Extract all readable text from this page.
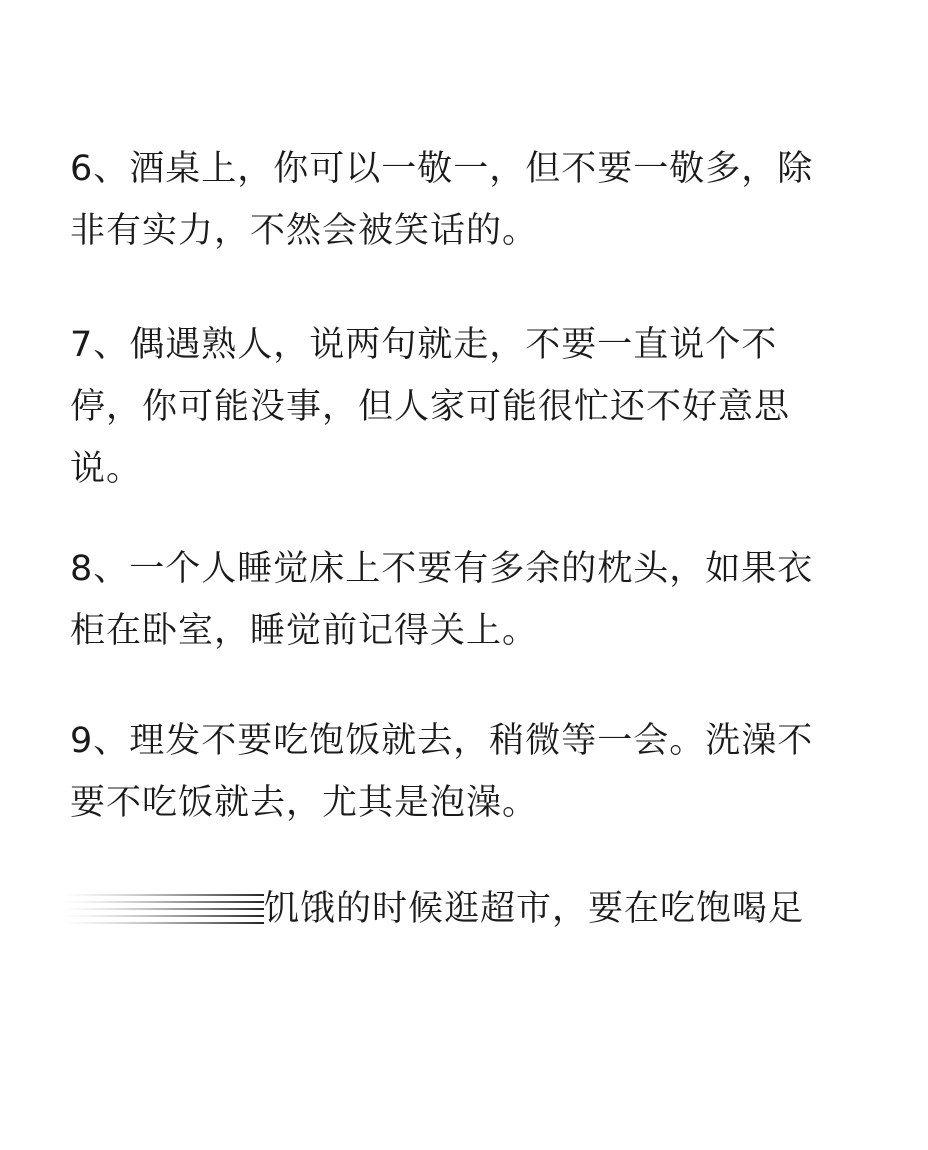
6、酒桌上，你可以一敬一，但不要一敬多，除
非有实力，不然会被笑话的。

7、偶遇熟人，说两句就走，不要一直说个不
停，你可能没事，但人家可能很忙还不好意思
说。

8、一个人睡觉床上不要有多余的枕头，如果衣
柜在卧室，睡觉前记得关上。

9、理发不要吃饱饭就去，稍微等一会。洗澡不
要不吃饭就去，尤其是泡澡。

饥饿的时候逛超市，要在吃饱喝足
